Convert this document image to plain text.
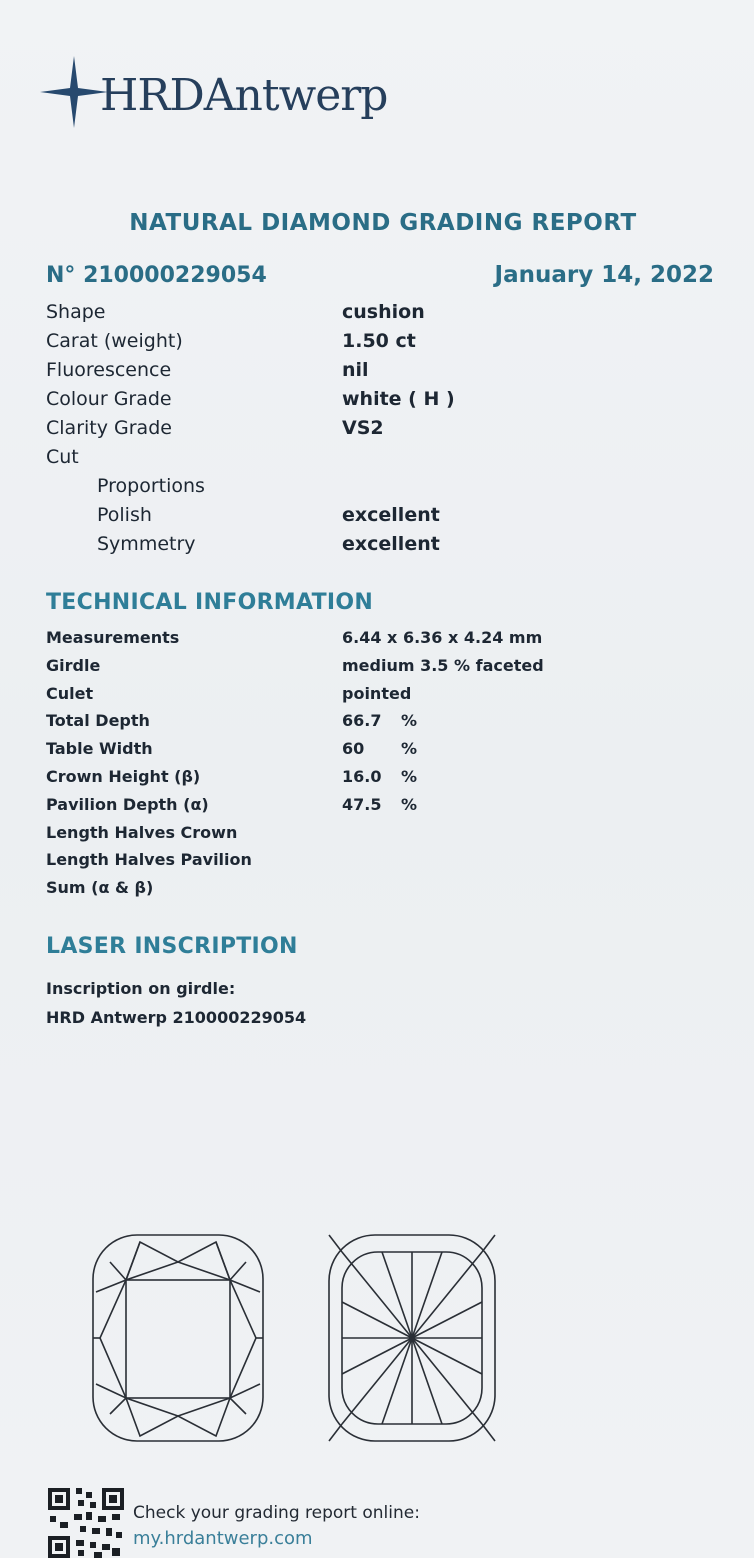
HRDAntwerp
NATURAL DIAMOND GRADING REPORT
N° 210000229054	January 14, 2022
Shape	cushion
Carat (weight)	1.50 ct
Fluorescence	nil
Colour Grade	white ( H )
Clarity Grade	VS2
Cut
Proportions
Polish	excellent
Symmetry	excellent
TECHNICAL INFORMATION
Measurements	6.44 x 6.36 x 4.24 mm
Girdle	medium 3.5 % faceted
Culet	pointed
Total Depth	66.7 %
Table Width	60 %
Crown Height (β)	16.0 %
Pavilion Depth (α)	47.5 %
Length Halves Crown
Length Halves Pavilion
Sum (α & β)
LASER INSCRIPTION
Inscription on girdle:
HRD Antwerp 210000229054
Check your grading report online:
my.hrdantwerp.com
